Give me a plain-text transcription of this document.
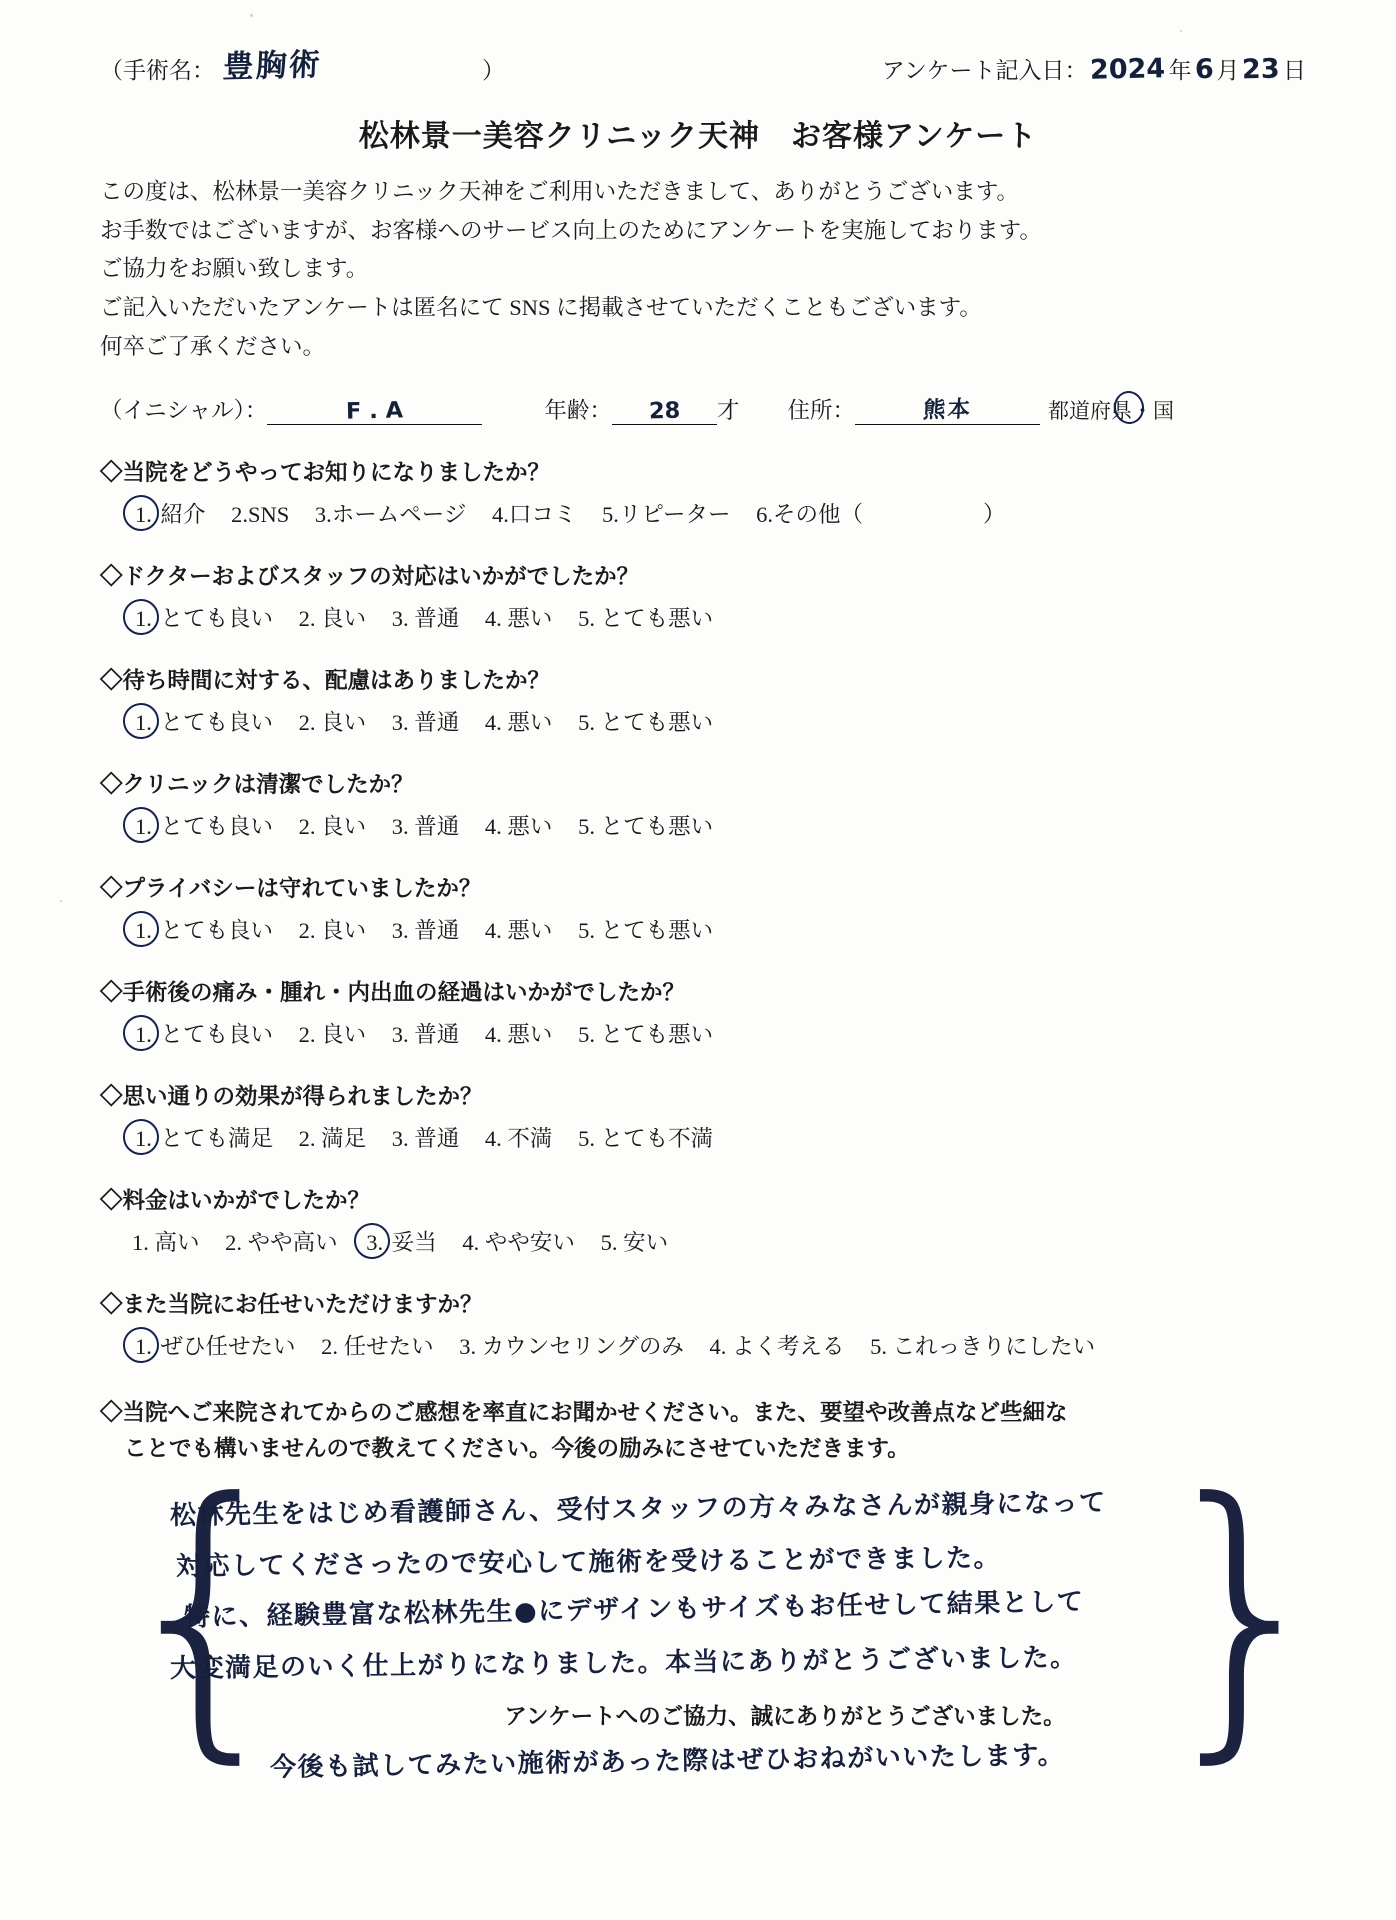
（手術名： 豊胸術	）	アンケート記入日： 2024 年 6 月 23 日
松林景一美容クリニック天神　お客様アンケート
この度は、松林景一美容クリニック天神をご利用いただきまして、ありがとうございます。
お手数ではございますが、お客様へのサービス向上のためにアンケートを実施しております。
ご協力をお願い致します。
ご記入いただいたアンケートは匿名にて SNS に掲載させていただくこともございます。
何卒ご了承ください。
（イニシャル）：	F . A	年齢：	28	才 住所：	熊本	都道府県・国
◇当院をどうやってお知りになりましたか？
1. 紹介 2.SNS 3.ホームページ 4.口コミ 5.リピーター 6.その他（	）
◇ドクターおよびスタッフの対応はいかがでしたか？
1. とても良い 2. 良い 3. 普通 4. 悪い 5. とても悪い
◇待ち時間に対する、配慮はありましたか？
1. とても良い 2. 良い 3. 普通 4. 悪い 5. とても悪い
◇クリニックは清潔でしたか？
1. とても良い 2. 良い 3. 普通 4. 悪い 5. とても悪い
◇プライバシーは守れていましたか？
1. とても良い 2. 良い 3. 普通 4. 悪い 5. とても悪い
◇手術後の痛み・腫れ・内出血の経過はいかがでしたか？
1. とても良い 2. 良い 3. 普通 4. 悪い 5. とても悪い
◇思い通りの効果が得られましたか？
1. とても満足 2. 満足 3. 普通 4. 不満 5. とても不満
◇料金はいかがでしたか？
1. 高い 2. やや高い 3. 妥当 4. やや安い 5. 安い
◇また当院にお任せいただけますか？
1. ぜひ任せたい 2. 任せたい 3. カウンセリングのみ 4. よく考える 5. これっきりにしたい
◇当院へご来院されてからのご感想を率直にお聞かせください。また、要望や改善点など些細な
ことでも構いませんので教えてください。今後の励みにさせていただきます。
{	}
松林先生をはじめ看護師さん、受付スタッフの方々みなさんが親身になって
対応してくださったので安心して施術を受けることができました。
特に、経験豊富な松林先生●にデザインもサイズもお任せして結果として
大変満足のいく仕上がりになりました。本当にありがとうございました。
アンケートへのご協力、誠にありがとうございました。
今後も試してみたい施術があった際はぜひおねがいいたします。
